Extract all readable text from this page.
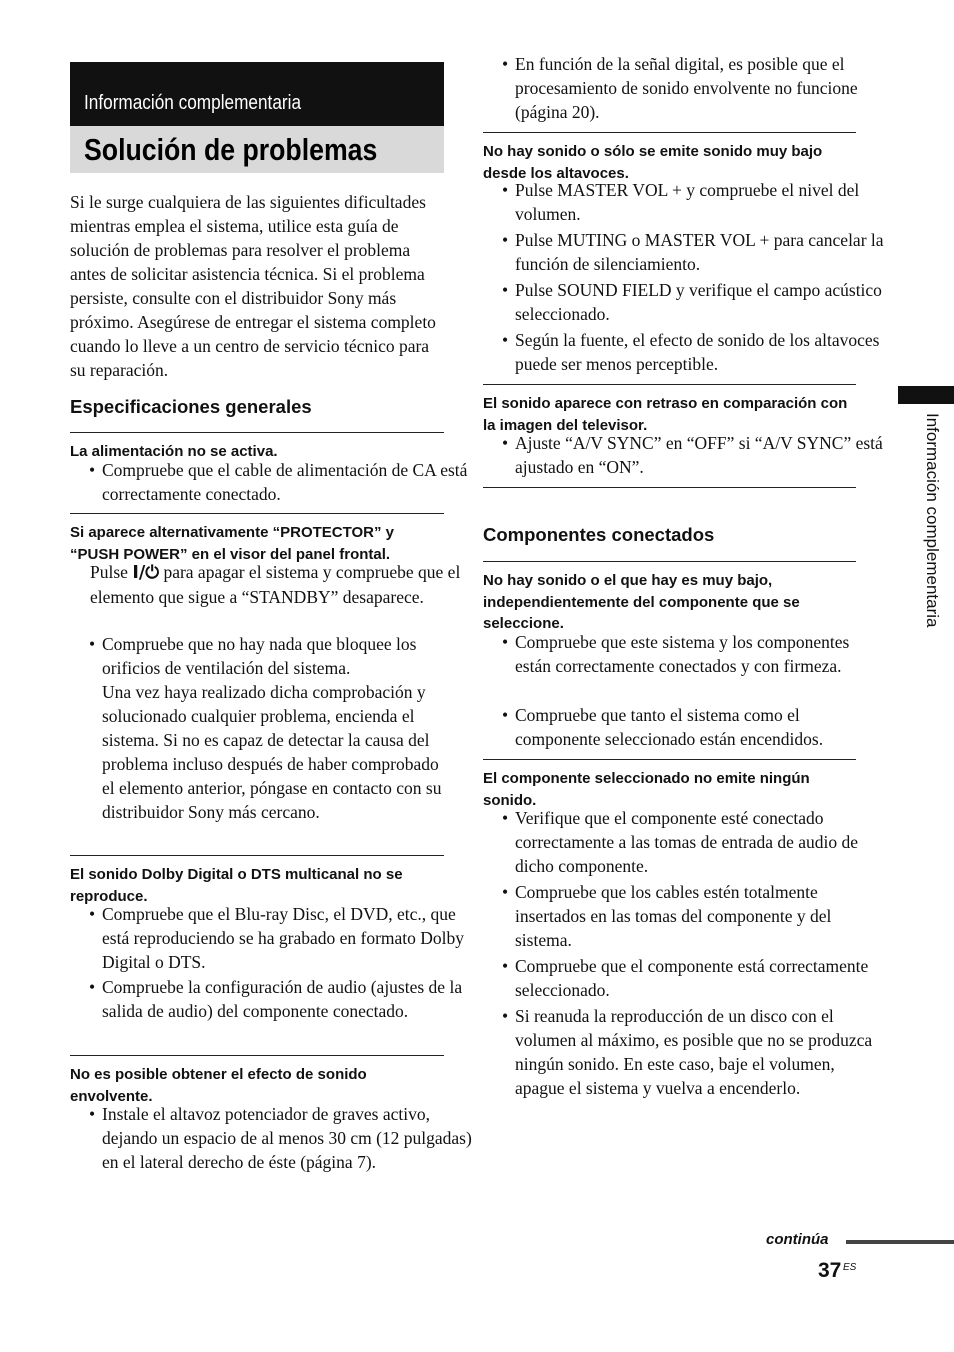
Información complementaria
Solución de problemas

Si le surge cualquiera de las siguientes dificultades mientras emplea el sistema, utilice esta guía de solución de problemas para resolver el problema antes de solicitar asistencia técnica. Si el problema persiste, consulte con el distribuidor Sony más próximo. Asegúrese de entregar el sistema completo cuando lo lleve a un centro de servicio técnico para su reparación.

Especificaciones generales
La alimentación no se activa.
• Compruebe que el cable de alimentación de CA está correctamente conectado.
Si aparece alternativamente “PROTECTOR” y “PUSH POWER” en el visor del panel frontal.
Pulse I/⏻ para apagar el sistema y compruebe que el elemento que sigue a “STANDBY” desaparece.
• Compruebe que no hay nada que bloquee los orificios de ventilación del sistema.
Una vez haya realizado dicha comprobación y solucionado cualquier problema, encienda el sistema. Si no es capaz de detectar la causa del problema incluso después de haber comprobado el elemento anterior, póngase en contacto con su distribuidor Sony más cercano.
El sonido Dolby Digital o DTS multicanal no se reproduce.
• Compruebe que el Blu-ray Disc, el DVD, etc., que está reproduciendo se ha grabado en formato Dolby Digital o DTS.
• Compruebe la configuración de audio (ajustes de la salida de audio) del componente conectado.
No es posible obtener el efecto de sonido envolvente.
• Instale el altavoz potenciador de graves activo, dejando un espacio de al menos 30 cm (12 pulgadas) en el lateral derecho de éste (página 7).
• En función de la señal digital, es posible que el procesamiento de sonido envolvente no funcione (página 20).
No hay sonido o sólo se emite sonido muy bajo desde los altavoces.
• Pulse MASTER VOL + y compruebe el nivel del volumen.
• Pulse MUTING o MASTER VOL + para cancelar la función de silenciamiento.
• Pulse SOUND FIELD y verifique el campo acústico seleccionado.
• Según la fuente, el efecto de sonido de los altavoces puede ser menos perceptible.
El sonido aparece con retraso en comparación con la imagen del televisor.
• Ajuste “A/V SYNC” en “OFF” si “A/V SYNC” está ajustado en “ON”.
Componentes conectados
No hay sonido o el que hay es muy bajo, independientemente del componente que se seleccione.
• Compruebe que este sistema y los componentes están correctamente conectados y con firmeza.
• Compruebe que tanto el sistema como el componente seleccionado están encendidos.
El componente seleccionado no emite ningún sonido.
• Verifique que el componente esté conectado correctamente a las tomas de entrada de audio de dicho componente.
• Compruebe que los cables estén totalmente insertados en las tomas del componente y del sistema.
• Compruebe que el componente está correctamente seleccionado.
• Si reanuda la reproducción de un disco con el volumen al máximo, es posible que no se produzca ningún sonido. En este caso, baje el volumen, apague el sistema y vuelva a encenderlo.
Información complementaria
continúa
37 ES
